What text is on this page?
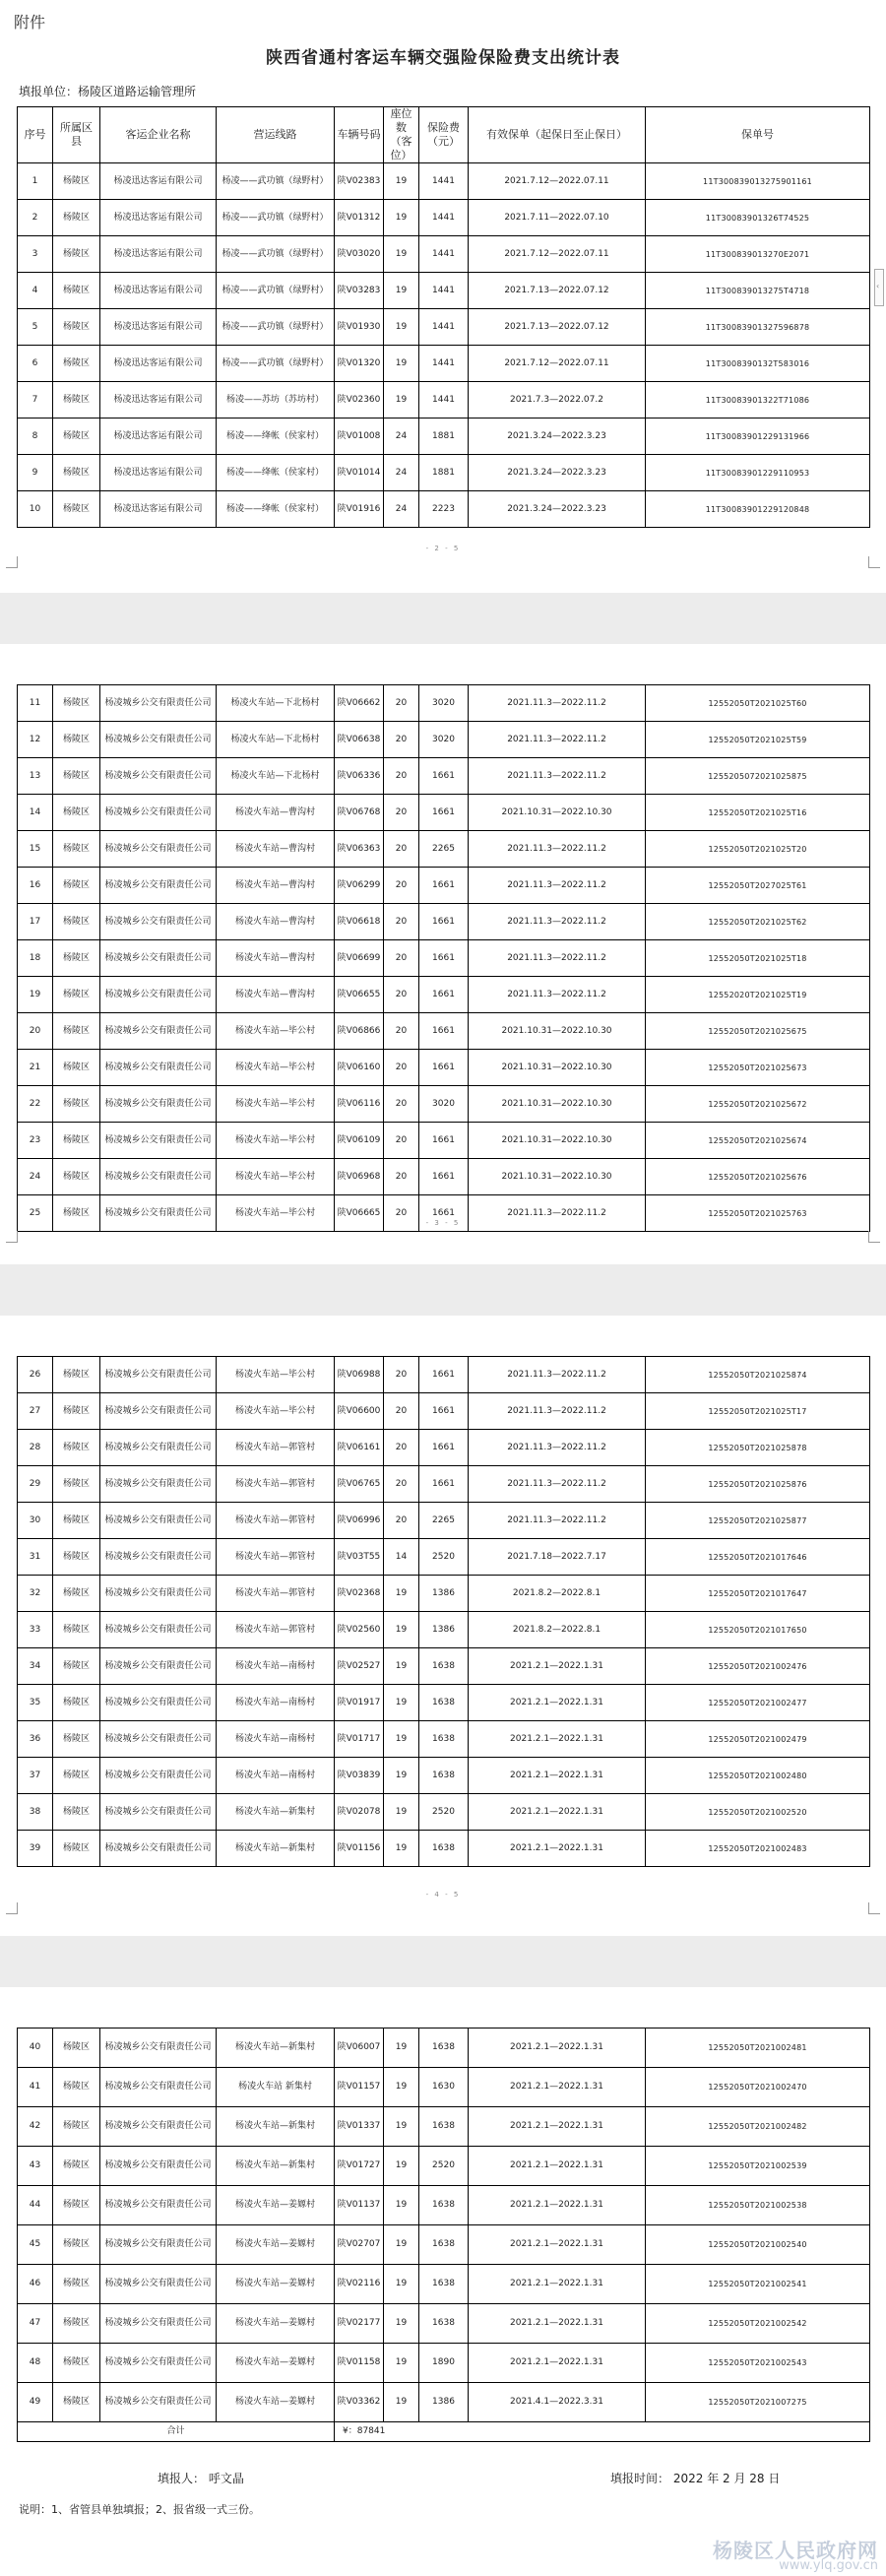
附件
陕西省通村客运车辆交强险保险费支出统计表
填报单位：杨陵区道路运输管理所
‹
序号	所属区县	客运企业名称	营运线路	车辆号码	座位数（客位）	保险费（元）	有效保单（起保日至止保日）	保单号
1	杨陵区	杨凌迅达客运有限公司	杨凌——武功镇（绿野村）	陕V02383	19	1441	2021.7.12—2022.07.11	11T300839013275901161
2	杨陵区	杨凌迅达客运有限公司	杨凌——武功镇（绿野村）	陕V01312	19	1441	2021.7.11—2022.07.10	11T30083901326T74525
3	杨陵区	杨凌迅达客运有限公司	杨凌——武功镇（绿野村）	陕V03020	19	1441	2021.7.12—2022.07.11	11T300839013270E2071
4	杨陵区	杨凌迅达客运有限公司	杨凌——武功镇（绿野村）	陕V03283	19	1441	2021.7.13—2022.07.12	11T300839013275T4718
5	杨陵区	杨凌迅达客运有限公司	杨凌——武功镇（绿野村）	陕V01930	19	1441	2021.7.13—2022.07.12	11T30083901327596878
6	杨陵区	杨凌迅达客运有限公司	杨凌——武功镇（绿野村）	陕V01320	19	1441	2021.7.12—2022.07.11	11T3008390132T583016
7	杨陵区	杨凌迅达客运有限公司	杨凌——苏坊（苏坊村）	陕V02360	19	1441	2021.7.3—2022.07.2	11T30083901322T71086
8	杨陵区	杨凌迅达客运有限公司	杨凌——绛帐（侯家村）	陕V01008	24	1881	2021.3.24—2022.3.23	11T30083901229131966
9	杨陵区	杨凌迅达客运有限公司	杨凌——绛帐（侯家村）	陕V01014	24	1881	2021.3.24—2022.3.23	11T30083901229110953
10	杨陵区	杨凌迅达客运有限公司	杨凌——绛帐（侯家村）	陕V01916	24	2223	2021.3.24—2022.3.23	11T30083901229120848
11	杨陵区	杨凌城乡公交有限责任公司	杨凌火车站—下北杨村	陕V06662	20	3020	2021.11.3—2022.11.2	12552050T2021025T60
12	杨陵区	杨凌城乡公交有限责任公司	杨凌火车站—下北杨村	陕V06638	20	3020	2021.11.3—2022.11.2	12552050T2021025T59
13	杨陵区	杨凌城乡公交有限责任公司	杨凌火车站—下北杨村	陕V06336	20	1661	2021.11.3—2022.11.2	125520507202102587​5
14	杨陵区	杨凌城乡公交有限责任公司	杨凌火车站—曹沟村	陕V06768	20	1661	2021.10.31—2022.10.30	12552050T2021025T16
15	杨陵区	杨凌城乡公交有限责任公司	杨凌火车站—曹沟村	陕V06363	20	2265	2021.11.3—2022.11.2	12552050T2021025T20
16	杨陵区	杨凌城乡公交有限责任公司	杨凌火车站—曹沟村	陕V06299	20	1661	2021.11.3—2022.11.2	12552050T2027025T61
17	杨陵区	杨凌城乡公交有限责任公司	杨凌火车站—曹沟村	陕V06618	20	1661	2021.11.3—2022.11.2	12552050T2021025T62
18	杨陵区	杨凌城乡公交有限责任公司	杨凌火车站—曹沟村	陕V06699	20	1661	2021.11.3—2022.11.2	12552050T2021025T18
19	杨陵区	杨凌城乡公交有限责任公司	杨凌火车站—曹沟村	陕V06655	20	1661	2021.11.3—2022.11.2	12552020T2021025T19
20	杨陵区	杨凌城乡公交有限责任公司	杨凌火车站—毕公村	陕V06866	20	1661	2021.10.31—2022.10.30	12552050T2021025675
21	杨陵区	杨凌城乡公交有限责任公司	杨凌火车站—毕公村	陕V06160	20	1661	2021.10.31—2022.10.30	12552050T2021025673
22	杨陵区	杨凌城乡公交有限责任公司	杨凌火车站—毕公村	陕V06116	20	3020	2021.10.31—2022.10.30	12552050T2021025672
23	杨陵区	杨凌城乡公交有限责任公司	杨凌火车站—毕公村	陕V06109	20	1661	2021.10.31—2022.10.30	12552050T2021025674
24	杨陵区	杨凌城乡公交有限责任公司	杨凌火车站—毕公村	陕V06968	20	1661	2021.10.31—2022.10.30	12552050T2021025676
25	杨陵区	杨凌城乡公交有限责任公司	杨凌火车站—毕公村	陕V06665	20	1661	2021.11.3—2022.11.2	12552050T2021025763
26	杨陵区	杨凌城乡公交有限责任公司	杨凌火车站—毕公村	陕V06988	20	1661	2021.11.3—2022.11.2	12552050T2021025874
27	杨陵区	杨凌城乡公交有限责任公司	杨凌火车站—毕公村	陕V06600	20	1661	2021.11.3—2022.11.2	12552050T2021025T17
28	杨陵区	杨凌城乡公交有限责任公司	杨凌火车站—郭管村	陕V06161	20	1661	2021.11.3—2022.11.2	12552050T2021025878
29	杨陵区	杨凌城乡公交有限责任公司	杨凌火车站—郭管村	陕V06765	20	1661	2021.11.3—2022.11.2	12552050T2021025876
30	杨陵区	杨凌城乡公交有限责任公司	杨凌火车站—郭管村	陕V06996	20	2265	2021.11.3—2022.11.2	12552050T2021025877
31	杨陵区	杨凌城乡公交有限责任公司	杨凌火车站—郭管村	陕V03T55	14	2520	2021.7.18—2022.7.17	12552050T2021017646
32	杨陵区	杨凌城乡公交有限责任公司	杨凌火车站—郭管村	陕V02368	19	1386	2021.8.2—2022.8.1	12552050T2021017647
33	杨陵区	杨凌城乡公交有限责任公司	杨凌火车站—郭管村	陕V02560	19	1386	2021.8.2—2022.8.1	12552050T2021017650
34	杨陵区	杨凌城乡公交有限责任公司	杨凌火车站—南杨村	陕V02527	19	1638	2021.2.1—2022.1.31	12552050T2021002476
35	杨陵区	杨凌城乡公交有限责任公司	杨凌火车站—南杨村	陕V01917	19	1638	2021.2.1—2022.1.31	12552050T2021002477
36	杨陵区	杨凌城乡公交有限责任公司	杨凌火车站—南杨村	陕V01717	19	1638	2021.2.1—2022.1.31	12552050T2021002479
37	杨陵区	杨凌城乡公交有限责任公司	杨凌火车站—南杨村	陕V03839	19	1638	2021.2.1—2022.1.31	12552050T2021002480
38	杨陵区	杨凌城乡公交有限责任公司	杨凌火车站—新集村	陕V02078	19	2520	2021.2.1—2022.1.31	12552050T2021002520
39	杨陵区	杨凌城乡公交有限责任公司	杨凌火车站—新集村	陕V01156	19	1638	2021.2.1—2022.1.31	12552050T2021002483
40	杨陵区	杨凌城乡公交有限责任公司	杨凌火车站—新集村	陕V06007	19	1638	2021.2.1—2022.1.31	12552050T2021002481
41	杨陵区	杨凌城乡公交有限责任公司	杨凌火车站 新集村	陕V01157	19	1630	2021.2.1—2022.1.31	12552050T2021002470
42	杨陵区	杨凌城乡公交有限责任公司	杨凌火车站—新集村	陕V01337	19	1638	2021.2.1—2022.1.31	12552050T2021002482
43	杨陵区	杨凌城乡公交有限责任公司	杨凌火车站—新集村	陕V01727	19	2520	2021.2.1—2022.1.31	12552050T2021002539
44	杨陵区	杨凌城乡公交有限责任公司	杨凌火车站—姜嫄村	陕V01137	19	1638	2021.2.1—2022.1.31	12552050T2021002538
45	杨陵区	杨凌城乡公交有限责任公司	杨凌火车站—姜嫄村	陕V02707	19	1638	2021.2.1—2022.1.31	12552050T2021002540
46	杨陵区	杨凌城乡公交有限责任公司	杨凌火车站—姜嫄村	陕V02116	19	1638	2021.2.1—2022.1.31	12552050T2021002541
47	杨陵区	杨凌城乡公交有限责任公司	杨凌火车站—姜嫄村	陕V02177	19	1638	2021.2.1—2022.1.31	12552050T2021002542
48	杨陵区	杨凌城乡公交有限责任公司	杨凌火车站—姜嫄村	陕V01158	19	1890	2021.2.1—2022.1.31	12552050T2021002543
49	杨陵区	杨凌城乡公交有限责任公司	杨凌火车站—姜嫄村	陕V03362	19	1386	2021.4.1—2022.3.31	12552050T2021007275
合计				¥：87841				
- 2 - 5
- 3 - 5
- 4 - 5
填报人： 呼文晶	填报时间： 2022 年 2 月 28 日
说明：1、省管县单独填报；2、报省级一式三份。
杨陵区人民政府网
www.ylq.gov.cn
